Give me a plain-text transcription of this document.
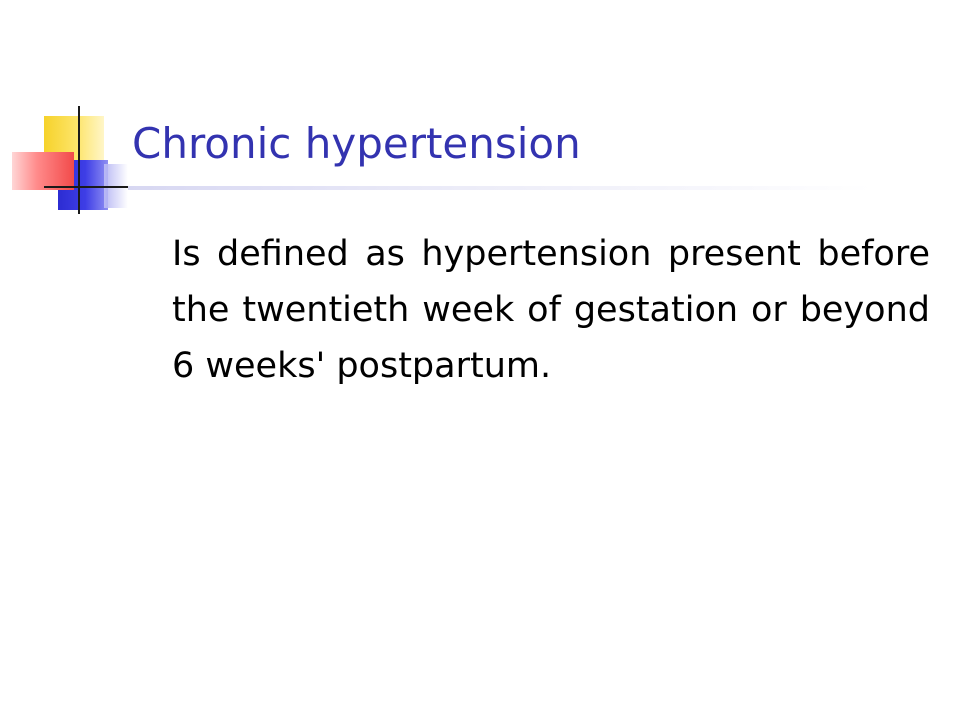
Chronic hypertension

Is defined as hypertension present before the twentieth week of gestation or beyond 6 weeks' postpartum.
